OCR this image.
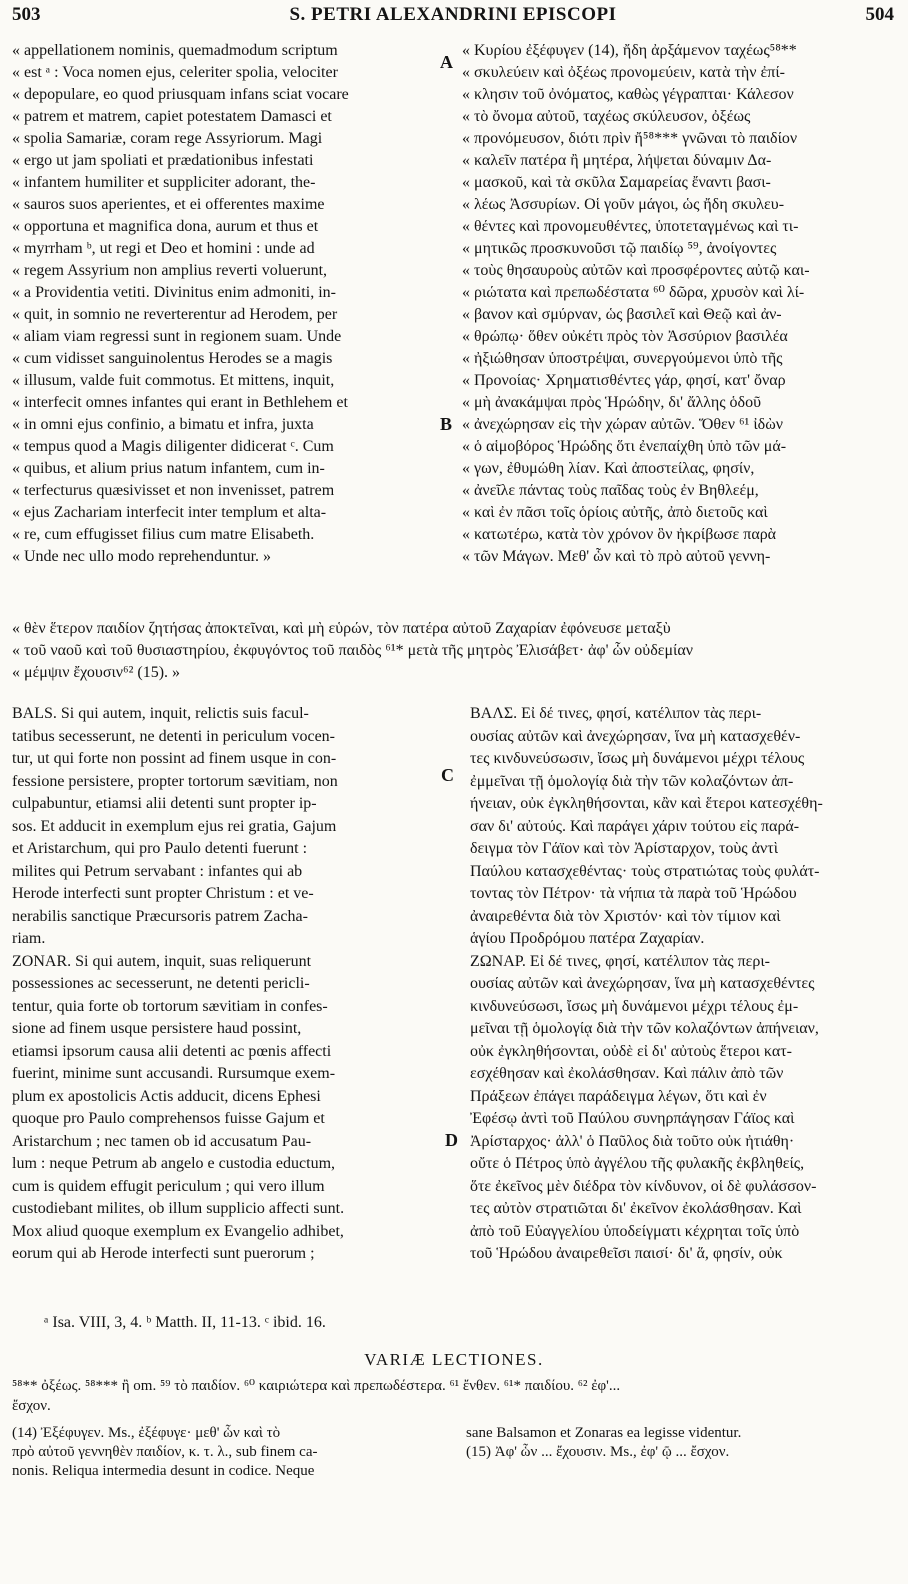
503	S. PETRI ALEXANDRINI EPISCOPI	504
« appellationem nominis, quemadmodum scriptum
« est ᵃ : Voca nomen ejus, celeriter spolia, velociter
« depopulare, eo quod priusquam infans sciat vocare
« patrem et matrem, capiet potestatem Damasci et
« spolia Samariæ, coram rege Assyriorum. Magi
« ergo ut jam spoliati et prædationibus infestati
« infantem humiliter et suppliciter adorant, the-
« sauros suos aperientes, et ei offerentes maxime
« opportuna et magnifica dona, aurum et thus et
« myrrham ᵇ, ut regi et Deo et homini : unde ad
« regem Assyrium non amplius reverti voluerunt,
« a Providentia vetiti. Divinitus enim admoniti, in-
« quit, in somnio ne reverterentur ad Herodem, per
« aliam viam regressi sunt in regionem suam. Unde
« cum vidisset sanguinolentus Herodes se a magis
« illusum, valde fuit commotus. Et mittens, inquit,
« interfecit omnes infantes qui erant in Bethlehem et
« in omni ejus confinio, a bimatu et infra, juxta
« tempus quod a Magis diligenter didicerat ᶜ. Cum
« quibus, et alium prius natum infantem, cum in-
« terfecturus quæsivisset et non invenisset, patrem
« ejus Zachariam interfecit inter templum et alta-
« re, cum effugisset filius cum matre Elisabeth.
« Unde nec ullo modo reprehenduntur. »
« Κυρίου ἐξέφυγεν (14), ἤδη ἀρξάμενον ταχέως⁵⁸**
« σκυλεύειν καὶ ὀξέως προνομεύειν, κατὰ τὴν ἐπί-
« κλησιν τοῦ ὀνόματος, καθὼς γέγραπται· Κάλεσον
« τὸ ὄνομα αὐτοῦ, ταχέως σκύλευσον, ὀξέως
« προνόμευσον, διότι πρὶν ἤ⁵⁸*** γνῶναι τὸ παιδίον
« καλεῖν πατέρα ἢ μητέρα, λήψεται δύναμιν Δα-
« μασκοῦ, καὶ τὰ σκῦλα Σαμαρείας ἔναντι βασι-
« λέως Ἀσσυρίων. Οἱ γοῦν μάγοι, ὡς ἤδη σκυλευ-
« θέντες καὶ προνομευθέντες, ὑποτεταγμένως καὶ τι-
« μητικῶς προσκυνοῦσι τῷ παιδίῳ ⁵⁹, ἀνοίγοντες
« τοὺς θησαυροὺς αὐτῶν καὶ προσφέροντες αὐτῷ και-
« ριώτατα καὶ πρεπωδέστατα ⁶⁰ δῶρα, χρυσὸν καὶ λί-
« βανον καὶ σμύρναν, ὡς βασιλεῖ καὶ Θεῷ καὶ ἀν-
« θρώπῳ· ὅθεν οὐκέτι πρὸς τὸν Ἀσσύριον βασιλέα
« ἠξιώθησαν ὑποστρέψαι, συνεργούμενοι ὑπὸ τῆς
« Προνοίας· Χρηματισθέντες γάρ, φησί, κατ' ὄναρ
« μὴ ἀνακάμψαι πρὸς Ἡρώδην, δι' ἄλλης ὁδοῦ
« ἀνεχώρησαν εἰς τὴν χώραν αὐτῶν. Ὅθεν ⁶¹ ἰδὼν
« ὁ αἱμοβόρος Ἡρώδης ὅτι ἐνεπαίχθη ὑπὸ τῶν μά-
« γων, ἐθυμώθη λίαν. Καὶ ἀποστείλας, φησίν,
« ἀνεῖλε πάντας τοὺς παῖδας τοὺς ἐν Βηθλεέμ,
« καὶ ἐν πᾶσι τοῖς ὁρίοις αὐτῆς, ἀπὸ διετοῦς καὶ
« κατωτέρω, κατὰ τὸν χρόνον ὃν ἠκρίβωσε παρὰ
« τῶν Μάγων. Μεθ' ὧν καὶ τὸ πρὸ αὐτοῦ γεννη-
A
B
C
D
« θὲν ἕτερον παιδίον ζητήσας ἀποκτεῖναι, καὶ μὴ εὑρών, τὸν πατέρα αὐτοῦ Ζαχαρίαν ἐφόνευσε μεταξὺ
« τοῦ ναοῦ καὶ τοῦ θυσιαστηρίου, ἐκφυγόντος τοῦ παιδὸς ⁶¹* μετὰ τῆς μητρὸς Ἐλισάβετ· ἀφ' ὧν οὐδεμίαν
« μέμψιν ἔχουσιν⁶² (15). »
BALS. Si qui autem, inquit, relictis suis facul-
tatibus secesserunt, ne detenti in periculum vocen-
tur, ut qui forte non possint ad finem usque in con-
fessione persistere, propter tortorum sævitiam, non
culpabuntur, etiamsi alii detenti sunt propter ip-
sos. Et adducit in exemplum ejus rei gratia, Gajum
et Aristarchum, qui pro Paulo detenti fuerunt :
milites qui Petrum servabant : infantes qui ab
Herode interfecti sunt propter Christum : et ve-
nerabilis sanctique Præcursoris patrem Zacha-
riam.
ZONAR. Si qui autem, inquit, suas reliquerunt
possessiones ac secesserunt, ne detenti pericli-
tentur, quia forte ob tortorum sævitiam in confes-
sione ad finem usque persistere haud possint,
etiamsi ipsorum causa alii detenti ac pœnis affecti
fuerint, minime sunt accusandi. Rursumque exem-
plum ex apostolicis Actis adducit, dicens Ephesi
quoque pro Paulo comprehensos fuisse Gajum et
Aristarchum ; nec tamen ob id accusatum Pau-
lum : neque Petrum ab angelo e custodia eductum,
cum is quidem effugit periculum ; qui vero illum
custodiebant milites, ob illum supplicio affecti sunt.
Mox aliud quoque exemplum ex Evangelio adhibet,
eorum qui ab Herode interfecti sunt puerorum ;
ΒΑΛΣ. Εἰ δέ τινες, φησί, κατέλιπον τὰς περι-
ουσίας αὐτῶν καὶ ἀνεχώρησαν, ἵνα μὴ κατασχεθέν-
τες κινδυνεύσωσιν, ἴσως μὴ δυνάμενοι μέχρι τέλους
ἐμμεῖναι τῇ ὁμολογίᾳ διὰ τὴν τῶν κολαζόντων ἀπ-
ήνειαν, οὐκ ἐγκληθήσονται, κἂν καὶ ἕτεροι κατεσχέθη-
σαν δι' αὐτούς. Καὶ παράγει χάριν τούτου εἰς παρά-
δειγμα τὸν Γάϊον καὶ τὸν Ἀρίσταρχον, τοὺς ἀντὶ
Παύλου κατασχεθέντας· τοὺς στρατιώτας τοὺς φυλάτ-
τοντας τὸν Πέτρον· τὰ νήπια τὰ παρὰ τοῦ Ἡρώδου
ἀναιρεθέντα διὰ τὸν Χριστόν· καὶ τὸν τίμιον καὶ
ἁγίου Προδρόμου πατέρα Ζαχαρίαν.
ΖΩΝΑΡ. Εἰ δέ τινες, φησί, κατέλιπον τὰς περι-
ουσίας αὐτῶν καὶ ἀνεχώρησαν, ἵνα μὴ κατασχεθέντες
κινδυνεύσωσι, ἴσως μὴ δυνάμενοι μέχρι τέλους ἐμ-
μεῖναι τῇ ὁμολογίᾳ διὰ τὴν τῶν κολαζόντων ἀπήνειαν,
οὐκ ἐγκληθήσονται, οὐδὲ εἰ δι' αὐτοὺς ἕτεροι κατ-
εσχέθησαν καὶ ἐκολάσθησαν. Καὶ πάλιν ἀπὸ τῶν
Πράξεων ἐπάγει παράδειγμα λέγων, ὅτι καὶ ἐν
Ἐφέσῳ ἀντὶ τοῦ Παύλου συνηρπάγησαν Γάϊος καὶ
Ἀρίσταρχος· ἀλλ' ὁ Παῦλος διὰ τοῦτο οὐκ ἠτιάθη·
οὔτε ὁ Πέτρος ὑπὸ ἀγγέλου τῆς φυλακῆς ἐκβληθείς,
ὅτε ἐκεῖνος μὲν διέδρα τὸν κίνδυνον, οἱ δὲ φυλάσσον-
τες αὐτὸν στρατιῶται δι' ἐκεῖνον ἐκολάσθησαν. Καὶ
ἀπὸ τοῦ Εὐαγγελίου ὑποδείγματι κέχρηται τοῖς ὑπὸ
τοῦ Ἡρώδου ἀναιρεθεῖσι παισί· δι' ἅ, φησίν, οὐκ
ᵃ Isa. VIII, 3, 4. ᵇ Matth. II, 11-13. ᶜ ibid. 16.
VARIÆ LECTIONES.
⁵⁸** ὀξέως. ⁵⁸*** ἢ om. ⁵⁹ τὸ παιδίον. ⁶⁰ καιριώτερα καὶ πρεπωδέστερα. ⁶¹ ἔνθεν. ⁶¹* παιδίου. ⁶² ἐφ'...
ἔσχον.
(14) Ἐξέφυγεν. Ms., ἐξέφυγε· μεθ' ὧν καὶ τὸ
πρὸ αὐτοῦ γεννηθὲν παιδίον, κ. τ. λ., sub finem ca-
nonis. Reliqua intermedia desunt in codice. Neque
sane Balsamon et Zonaras ea legisse videntur.
(15) Ἀφ' ὧν ... ἔχουσιν. Ms., ἐφ' ῷ ... ἔσχον.
